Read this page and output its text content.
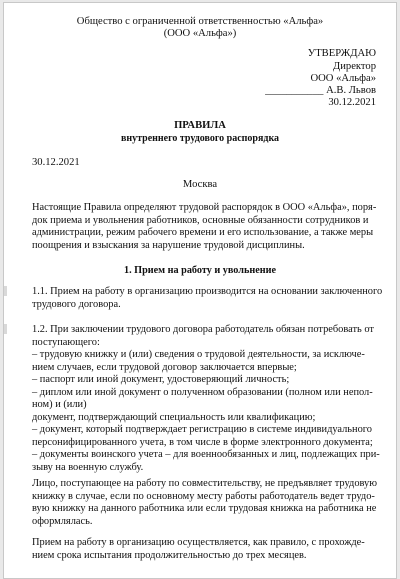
Общество с ограниченной ответственностью «Альфа»
(ООО «Альфа»)
УТВЕРЖДАЮ
Директор
ООО «Альфа»
___________ А.В. Львов
30.12.2021
ПРАВИЛА
внутреннего трудового распорядка
30.12.2021
Москва
Настоящие Правила определяют трудовой распорядок в ООО «Альфа», поря-
док приема и увольнения работников, основные обязанности сотрудников и
администрации, режим рабочего времени и его использование, а также меры
поощрения и взыскания за нарушение трудовой дисциплины.
1. Прием на работу и увольнение
1.1. Прием на работу в организацию производится на основании заключенного
трудового договора.
1.2. При заключении трудового договора работодатель обязан потребовать от
поступающего:
– трудовую книжку и (или) сведения о трудовой деятельности, за исключе-
нием случаев, если трудовой договор заключается впервые;
– паспорт или иной документ, удостоверяющий личность;
– диплом или иной документ о полученном образовании (полном или непол-
ном) и (или)
документ, подтверждающий специальность или квалификацию;
– документ, который подтверждает регистрацию в системе индивидуального
персонифицированного учета, в том числе в форме электронного документа;
– документы воинского учета – для военнообязанных и лиц, подлежащих при-
зыву на военную службу.
Лицо, поступающее на работу по совместительству, не предъявляет трудовую
книжку в случае, если по основному месту работы работодатель ведет трудо-
вую книжку на данного работника или если трудовая книжка на работника не
оформлялась.
Прием на работу в организацию осуществляется, как правило, с прохожде-
нием срока испытания продолжительностью до трех месяцев.
